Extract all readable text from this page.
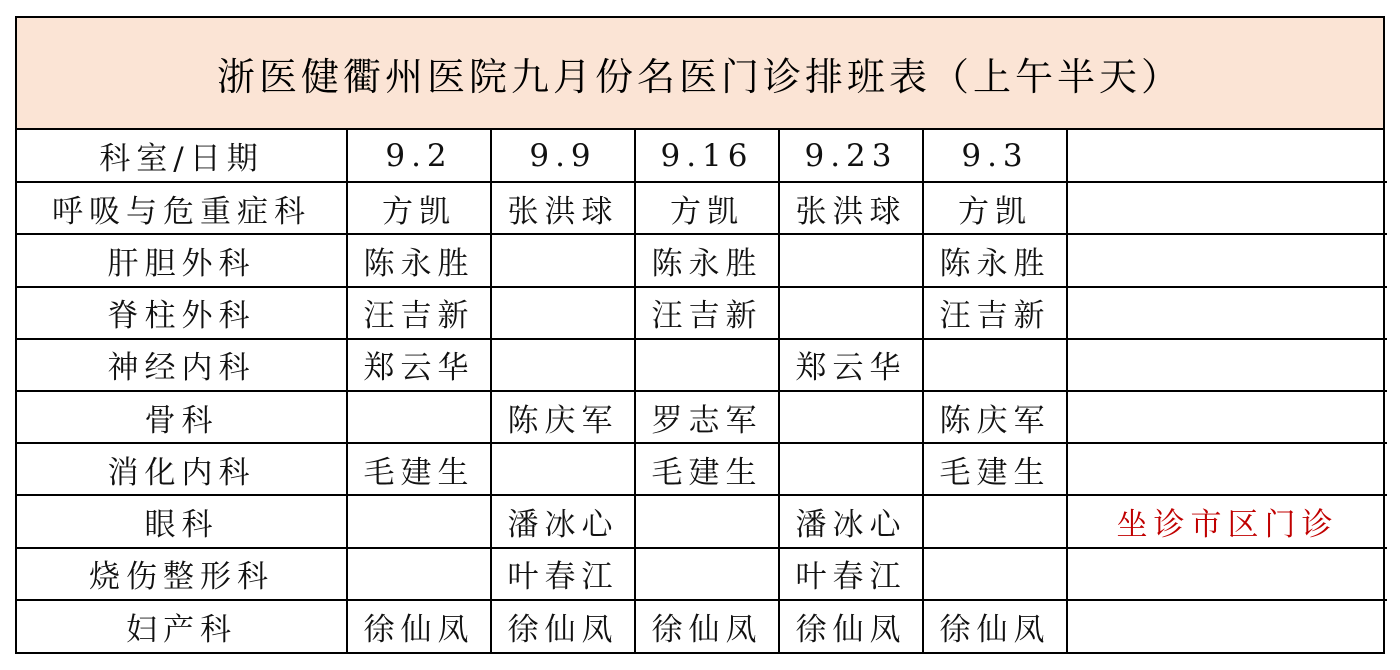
浙医健衢州医院九月份名医门诊排班表（上午半天）
科室/日期	9.2	9.9	9.16	9.23	9.3	
呼吸与危重症科	方凯	张洪球	方凯	张洪球	方凯	
肝胆外科	陈永胜		陈永胜		陈永胜	
脊柱外科	汪吉新		汪吉新		汪吉新	
神经内科	郑云华			郑云华		
骨科		陈庆军	罗志军		陈庆军	
消化内科	毛建生		毛建生		毛建生	
眼科		潘冰心		潘冰心		坐诊市区门诊
烧伤整形科		叶春江		叶春江		
妇产科	徐仙凤	徐仙凤	徐仙凤	徐仙凤	徐仙凤	
